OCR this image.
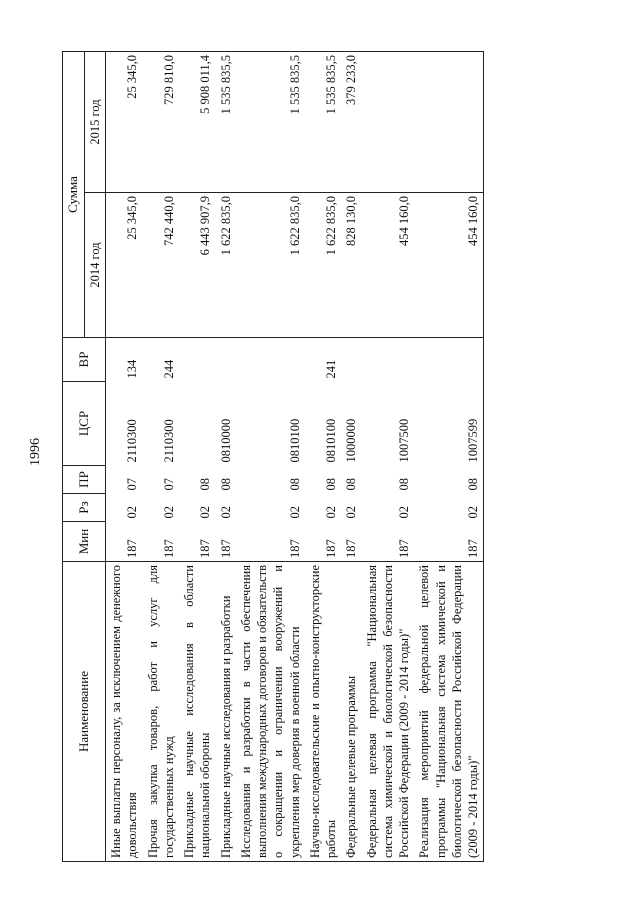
1996
Наименование	Мин	Рз	ПР	ЦСР	ВР	Сумма	
						2014 год	2015 год
Иные выплаты персоналу, за исключением денежного довольствия	187	02	07	2110300	134	25 345,0	25 345,0
Прочая закупка товаров, работ и услуг для государственных нужд	187	02	07	2110300	244	742 440,0	729 810,0
Прикладные научные исследования в области национальной обороны	187	02	08			6 443 907,9	5 908 011,4
Прикладные научные исследования и разработки	187	02	08	0810000		1 622 835,0	1 535 835,5
Исследования и разработки в части обеспечения выполнения международных договоров и обязательств о сокращении и ограничении вооружений и укрепления мер доверия в военной области	187	02	08	0810100		1 622 835,0	1 535 835,5
Научно-исследовательские и опытно-конструкторские работы	187	02	08	0810100	241	1 622 835,0	1 535 835,5
Федеральные целевые программы	187	02	08	1000000		828 130,0	379 233,0
Федеральная целевая программа "Национальная система химической и биологической безопасности Российской Федерации (2009 - 2014 годы)"	187	02	08	1007500		454 160,0	
Реализация мероприятий федеральной целевой программы "Национальная система химической и биологической безопасности Российской Федерации (2009 - 2014 годы)"	187	02	08	1007599		454 160,0	
